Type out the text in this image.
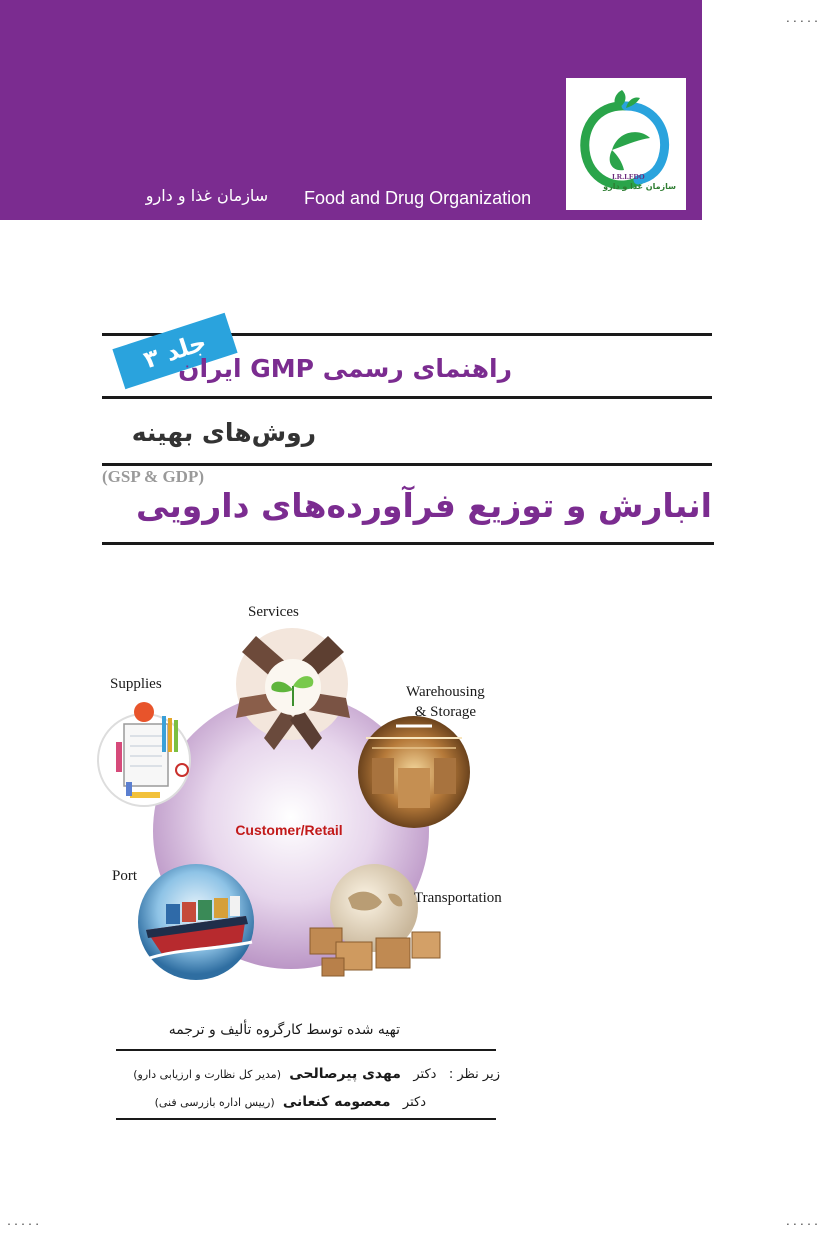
.....
.....	.....
سازمان غذا و دارو	Food and Drug Organization
I.R.I.FDO
سازمان غذا و دارو
جلد ۳
راهنمای رسمی GMP ایران
روش‌های بهینه
(GSP & GDP)
انبارش و توزیع فرآورده‌های دارویی
Services
Supplies	Warehousing
& Storage
Port
Transportation
Customer/Retail
تهیه شده توسط کارگروه تألیف و ترجمه
زیر نظر :   دکتر   مهدی پیرصالحی  (مدیر کل نظارت و ارزیابی دارو)
دکتر   معصومه کنعانی  (رییس اداره بازرسی فنی)
